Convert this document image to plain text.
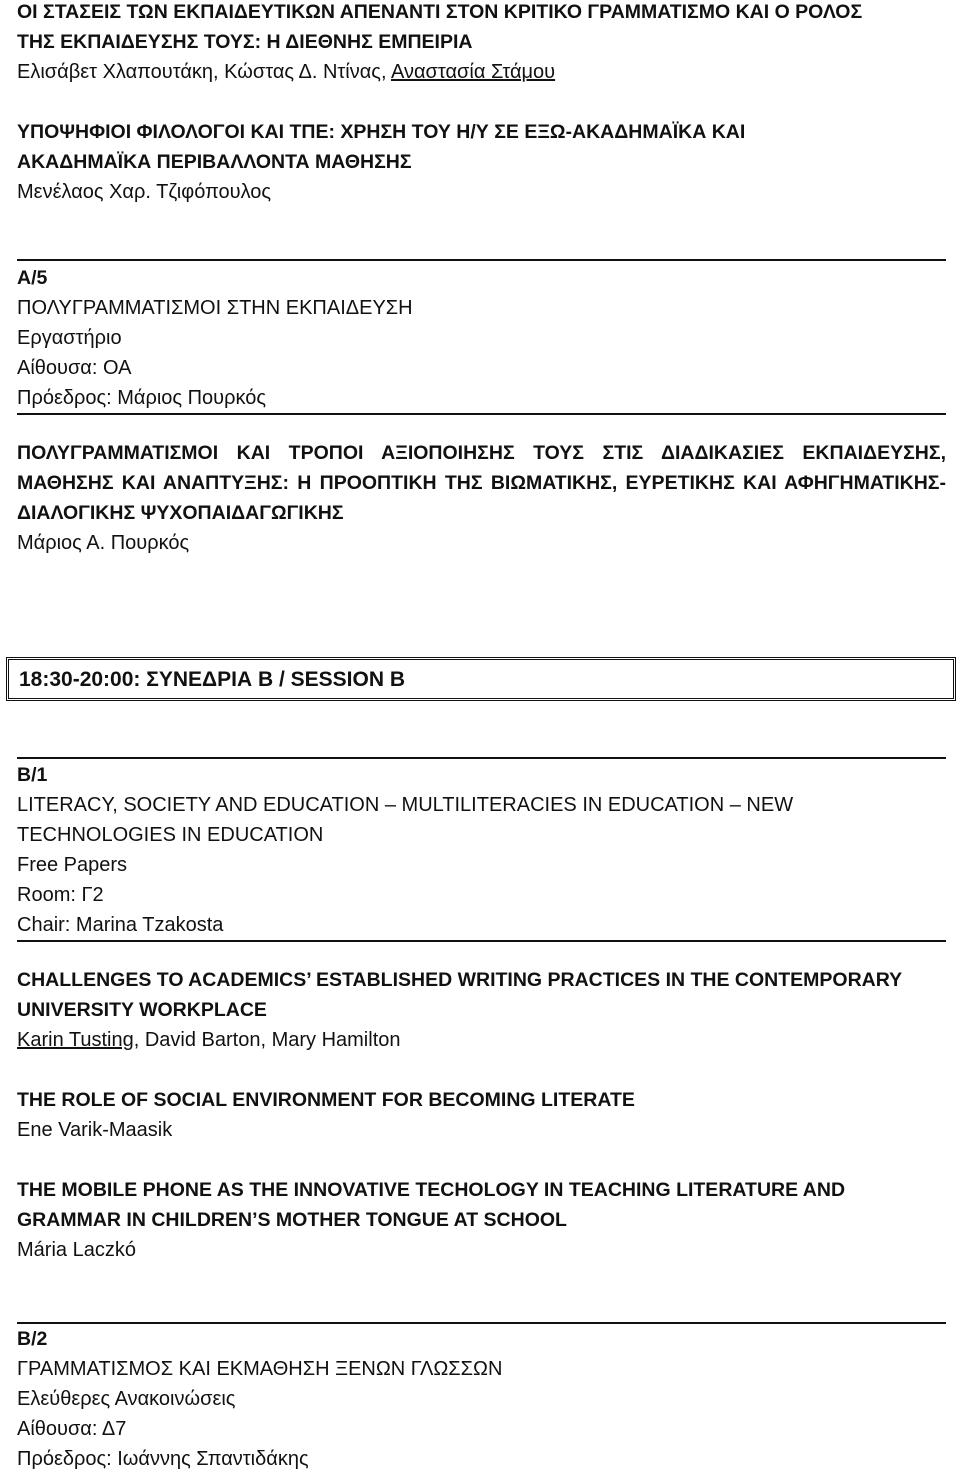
ΟΙ ΣΤΑΣΕΙΣ ΤΩΝ ΕΚΠΑΙΔΕΥΤΙΚΩΝ ΑΠΕΝΑΝΤΙ ΣΤΟΝ ΚΡΙΤΙΚΟ ΓΡΑΜΜΑΤΙΣΜΟ ΚΑΙ Ο ΡΟΛΟΣ
ΤΗΣ ΕΚΠΑΙΔΕΥΣΗΣ ΤΟΥΣ: Η ΔΙΕΘΝΗΣ ΕΜΠΕΙΡΙΑ
Ελισάβετ Χλαπουτάκη, Κώστας Δ. Ντίνας, Αναστασία Στάμου
ΥΠΟΨΗΦΙΟΙ ΦΙΛΟΛΟΓΟΙ ΚΑΙ ΤΠΕ: ΧΡΗΣΗ ΤΟΥ Η/Υ ΣΕ ΕΞΩ-ΑΚΑΔΗΜΑΪΚΑ ΚΑΙ
ΑΚΑΔΗΜΑΪΚΑ ΠΕΡΙΒΑΛΛΟΝΤΑ ΜΑΘΗΣΗΣ
Μενέλαος Χαρ. Τζιφόπουλος
Α/5
ΠΟΛΥΓΡΑΜΜΑΤΙΣΜΟΙ ΣΤΗΝ ΕΚΠΑΙΔΕΥΣΗ
Εργαστήριο
Αίθουσα: ΟΑ
Πρόεδρος: Μάριος Πουρκός
ΠΟΛΥΓΡΑΜΜΑΤΙΣΜΟΙ ΚΑΙ ΤΡΟΠΟΙ ΑΞΙΟΠΟΙΗΣΗΣ ΤΟΥΣ ΣΤΙΣ ΔΙΑΔΙΚΑΣΙΕΣ ΕΚΠΑΙΔΕΥΣΗΣ, ΜΑΘΗΣΗΣ ΚΑΙ ΑΝΑΠΤΥΞΗΣ: Η ΠΡΟΟΠΤΙΚΗ ΤΗΣ ΒΙΩΜΑΤΙΚΗΣ, ΕΥΡΕΤΙΚΗΣ ΚΑΙ ΑΦΗΓΗΜΑΤΙΚΗΣ-ΔΙΑΛΟΓΙΚΗΣ ΨΥΧΟΠΑΙΔΑΓΩΓΙΚΗΣ
Μάριος Α. Πουρκός
18:30-20:00: ΣΥΝΕΔΡΙΑ Β / SESSION B
Β/1
LITERACY, SOCIETY AND EDUCATION – MULTILITERACIES IN EDUCATION – NEW
TECHNOLOGIES IN EDUCATION
Free Papers
Room: Γ2
Chair: Marina Tzakosta
CHALLENGES TO ACADEMICS’ ESTABLISHED WRITING PRACTICES IN THE CONTEMPORARY
UNIVERSITY WORKPLACE
Karin Tusting, David Barton, Mary Hamilton
THE ROLE OF SOCIAL ENVIRONMENT FOR BECOMING LITERATE
Ene Varik-Maasik
THE MOBILE PHONE AS THE INNOVATIVE TECHOLOGY IN TEACHING LITERATURE AND
GRAMMAR IN CHILDREN’S MOTHER TONGUE AT SCHOOL
Mária Laczkó
Β/2
ΓΡΑΜΜΑΤΙΣΜΟΣ ΚΑΙ ΕΚΜΑΘΗΣΗ ΞΕΝΩΝ ΓΛΩΣΣΩΝ
Ελεύθερες Ανακοινώσεις
Αίθουσα: Δ7
Πρόεδρος: Ιωάννης Σπαντιδάκης
